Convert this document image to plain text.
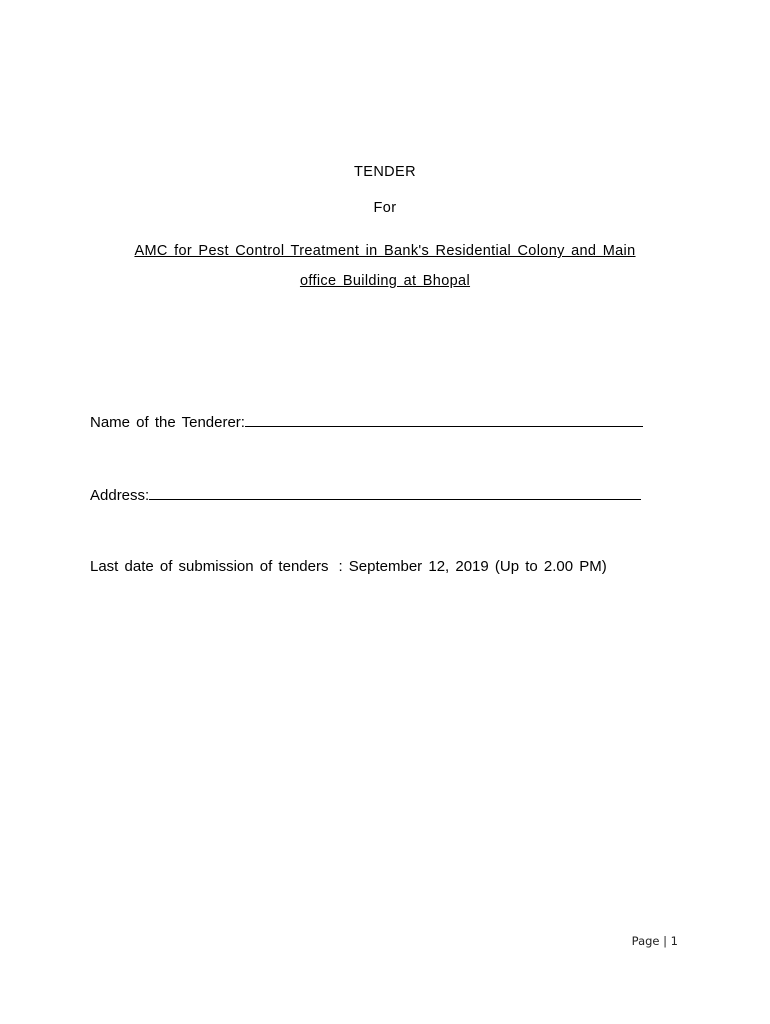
TENDER
For
AMC for Pest Control Treatment in Bank's Residential Colony and Main
office Building at Bhopal
Name of the Tenderer:
Address:
Last date of submission of tenders : September 12, 2019 (Up to 2.00 PM)
Page | 1
